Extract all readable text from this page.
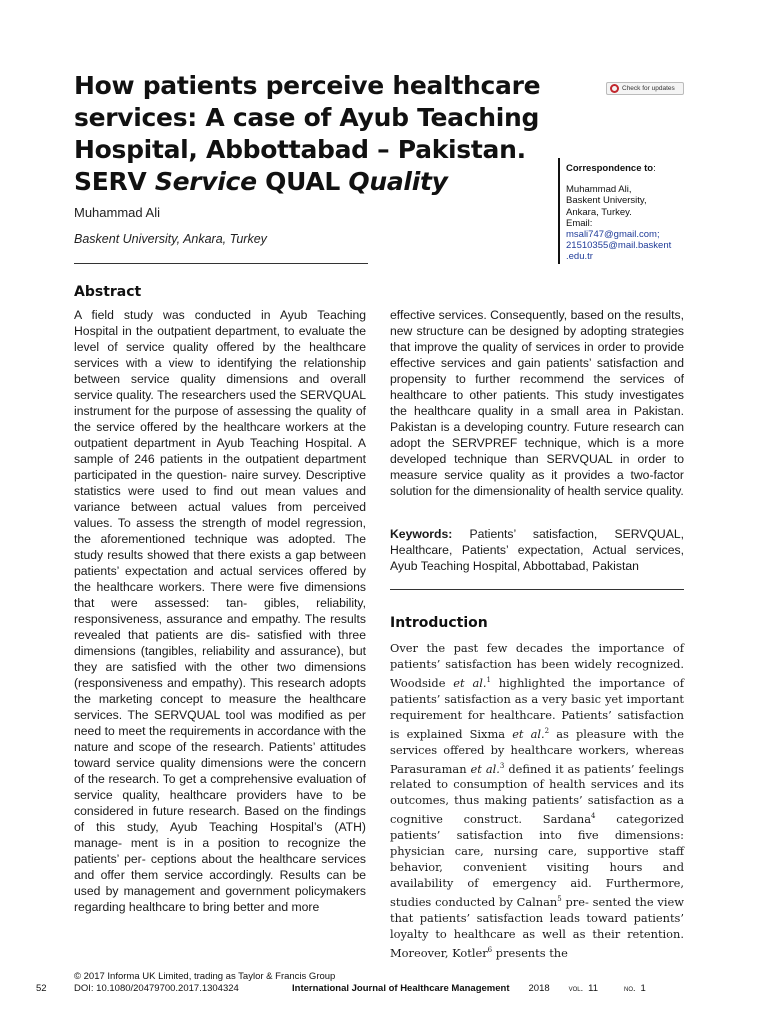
How patients perceive healthcare
services: A case of Ayub Teaching
Hospital, Abbottabad – Pakistan.
SERV Service QUAL Quality
Check for updates
Muhammad Ali
Baskent University, Ankara, Turkey
Correspondence to:
Muhammad Ali,
Baskent University,
Ankara, Turkey.
Email:
msali747@gmail.com;
21510355@mail.baskent
.edu.tr
Abstract
A field study was conducted in Ayub Teaching Hospital in the outpatient department, to evaluate the level of service quality offered by the healthcare services with a view to identifying the relationship between service quality dimensions and overall service quality. The researchers used the SERVQUAL instrument for the purpose of assessing the quality of the service offered by the healthcare workers at the outpatient department in Ayub Teaching Hospital. A sample of 246 patients in the outpatient department participated in the question- naire survey. Descriptive statistics were used to find out mean values and variance between actual values from perceived values. To assess the strength of model regression, the aforementioned technique was adopted. The study results showed that there exists a gap between patients’ expectation and actual services offered by the healthcare workers. There were five dimensions that were assessed: tan- gibles, reliability, responsiveness, assurance and empathy. The results revealed that patients are dis- satisfied with three dimensions (tangibles, reliability and assurance), but they are satisfied with the other two dimensions (responsiveness and empathy). This research adopts the marketing concept to measure the healthcare services. The SERVQUAL tool was modified as per need to meet the requirements in accordance with the nature and scope of the research. Patients’ attitudes toward service quality dimensions were the concern of the research. To get a comprehensive evaluation of service quality, healthcare providers have to be considered in future research. Based on the findings of this study, Ayub Teaching Hospital’s (ATH) manage- ment is in a position to recognize the patients’ per- ceptions about the healthcare services and offer them service accordingly. Results can be used by management and government policymakers regarding healthcare to bring better and more
effective services. Consequently, based on the results, new structure can be designed by adopting strategies that improve the quality of services in order to provide effective services and gain patients’ satisfaction and propensity to further recommend the services of healthcare to other patients. This study investigates the healthcare quality in a small area in Pakistan. Pakistan is a developing country. Future research can adopt the SERVPREF technique, which is a more developed technique than SERVQUAL in order to measure service quality as it provides a two-factor solution for the dimensionality of health service quality.
Keywords: Patients’ satisfaction, SERVQUAL, Healthcare, Patients’ expectation, Actual services, Ayub Teaching Hospital, Abbottabad, Pakistan
Introduction
Over the past few decades the importance of patients’ satisfaction has been widely recognized. Woodside et al.$^1$ highlighted the importance of patients’ satisfaction as a very basic yet important requirement for healthcare. Patients’ satisfaction is explained Sixma et al.$^2$ as pleasure with the services offered by healthcare workers, whereas Parasuraman et al.$^3$ defined it as patients’ feelings related to consumption of health services and its outcomes, thus making patients’ satisfaction as a cognitive construct. Sardana$^4$ categorized patients’ satisfaction into five dimensions: physician care, nursing care, supportive staff behavior, convenient visiting hours and availability of emergency aid. Furthermore, studies conducted by Calnan$^5$ pre- sented the view that patients’ satisfaction leads toward patients’ loyalty to healthcare as well as their retention. Moreover, Kotler$^6$ presents the
52
© 2017 Informa UK Limited, trading as Taylor & Francis Group
DOI: 10.1080/20479700.2017.1304324	International Journal of Healthcare Management 2018 vol. 11	no. 1
